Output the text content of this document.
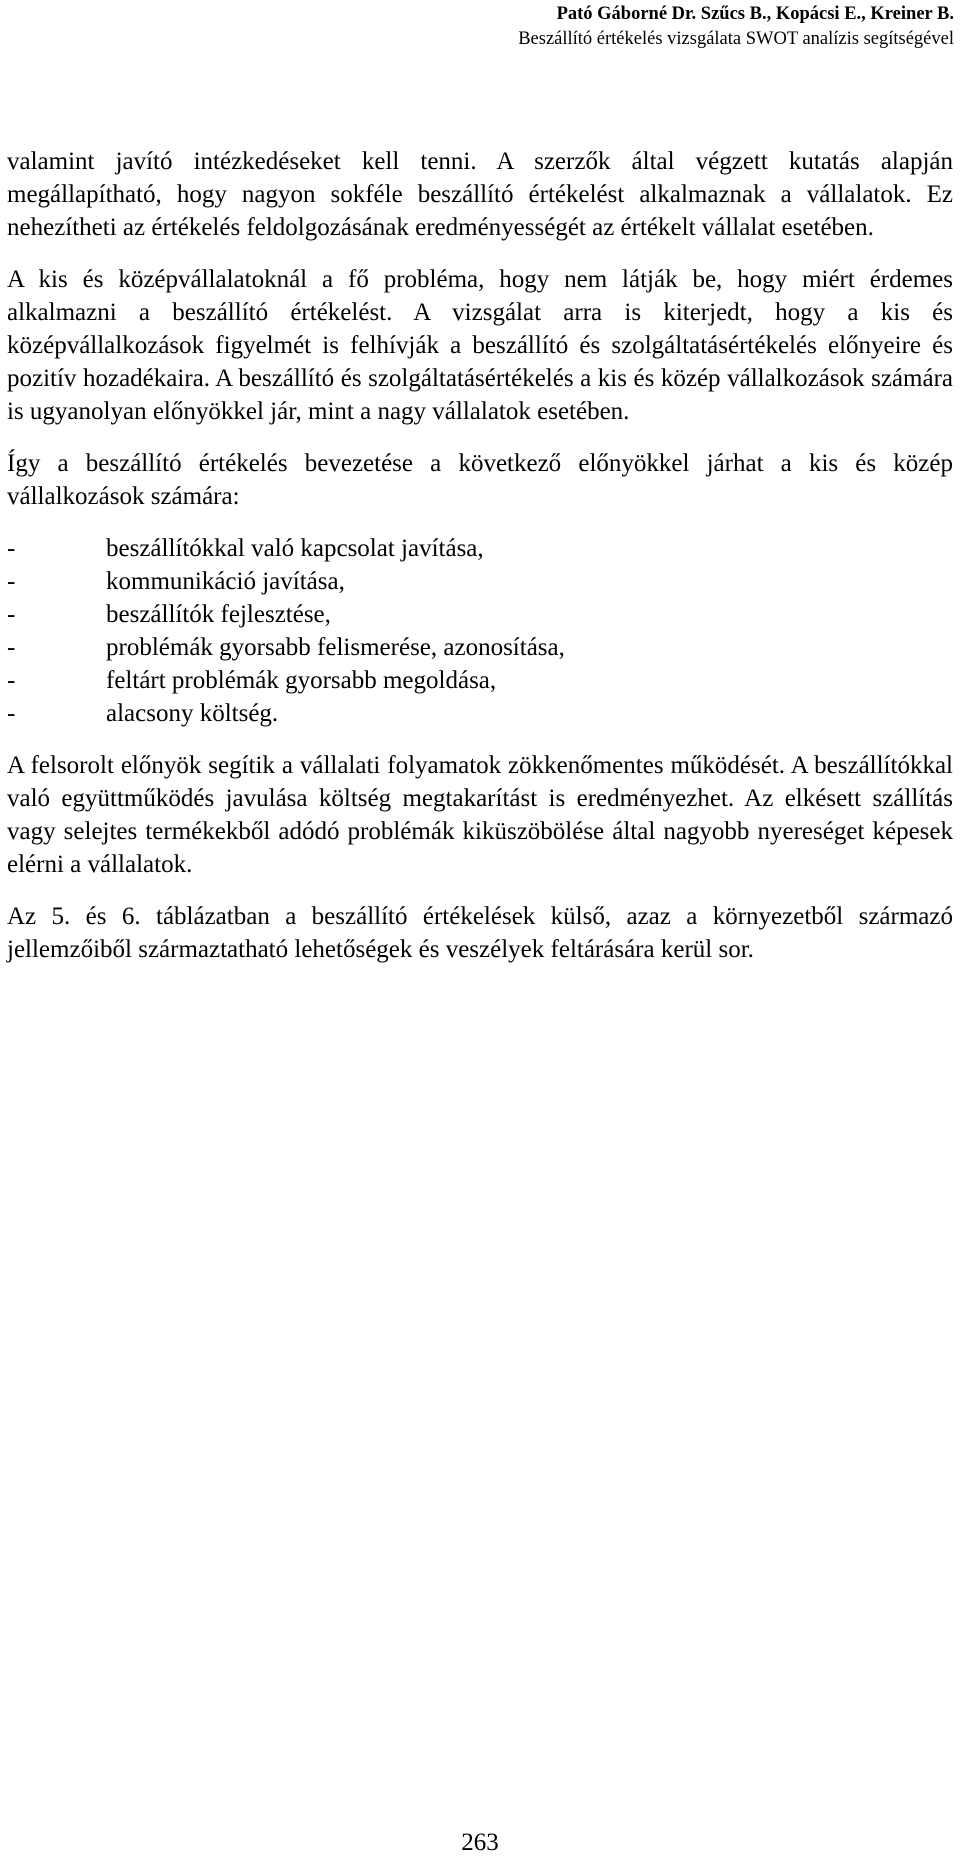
Pató Gáborné Dr. Szűcs B., Kopácsi E., Kreiner B.
Beszállító értékelés vizsgálata SWOT analízis segítségével

valamint javító intézkedéseket kell tenni. A szerzők által végzett kutatás alapján megállapítható, hogy nagyon sokféle beszállító értékelést alkalmaznak a vállalatok. Ez nehezítheti az értékelés feldolgozásának eredményességét az értékelt vállalat esetében.

A kis és középvállalatoknál a fő probléma, hogy nem látják be, hogy miért érdemes alkalmazni a beszállító értékelést. A vizsgálat arra is kiterjedt, hogy a kis és középvállalkozások figyelmét is felhívják a beszállító és szolgáltatásértékelés előnyeire és pozitív hozadékaira. A beszállító és szolgáltatásértékelés a kis és közép vállalkozások számára is ugyanolyan előnyökkel jár, mint a nagy vállalatok esetében.

Így a beszállító értékelés bevezetése a következő előnyökkel járhat a kis és közép vállalkozások számára:

-	beszállítókkal való kapcsolat javítása,
-	kommunikáció javítása,
-	beszállítók fejlesztése,
-	problémák gyorsabb felismerése, azonosítása,
-	feltárt problémák gyorsabb megoldása,
-	alacsony költség.

A felsorolt előnyök segítik a vállalati folyamatok zökkenőmentes működését. A beszállítókkal való együttműködés javulása költség megtakarítást is eredményezhet. Az elkésett szállítás vagy selejtes termékekből adódó problémák kiküszöbölése által nagyobb nyereséget képesek elérni a vállalatok.

Az 5. és 6. táblázatban a beszállító értékelések külső, azaz a környezetből származó jellemzőiből származtatható lehetőségek és veszélyek feltárására kerül sor.

263
